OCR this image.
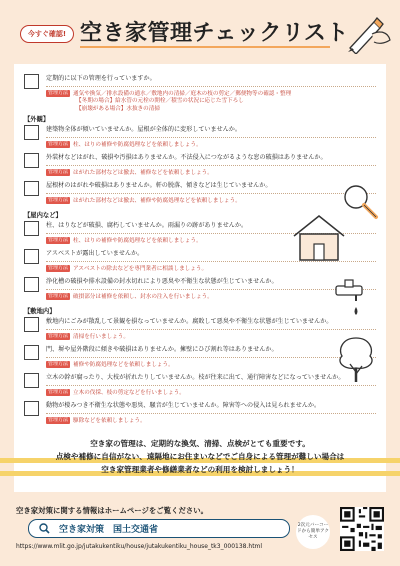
今すぐ確認! 空き家管理チェックリスト
定期的に以下の管理を行っていますか。
管理方法 通気や換気／排水設備の通水／敷地内の清掃／庭木の枝の剪定／郵便物等の確認・整理
【冬期の場合】給水管の元栓の開栓／積雪の状況に応じた雪下ろし
【崩壊がある場合】水抜きの清掃
【外観】
建築物全体が傾いていませんか。屋根が全体的に変形していませんか。
管理方法 柱、はりの補修や防腐処理などを依頼しましょう。
外装材などはがれ、破損や汚損はありませんか。不法侵入につながるような窓の破損はありませんか。
管理方法 はがれた部材などは撤去、補修などを依頼しましょう。
屋根材のはがれや破損はありませんか。軒の脱落、傾きなどは生じていませんか。
管理方法 はがれた部材などは撤去、補修や防腐処理などを依頼しましょう。
【屋内など】
柱、はりなどが破損、腐朽していませんか。雨漏りの跡がありませんか。
管理方法 柱、はりの補修や防腐処理などを依頼しましょう。
アスベストが露出していませんか。
管理方法 アスベストの除去などを専門業者に相談しましょう。
浄化槽の破損や排水設備の封水切れにより悪臭や不衛生な状態が生じていませんか。
管理方法 破損部分は補修を依頼し、封水の注入を行いましょう。
【敷地内】
敷地内にごみが散乱して景観を損なっていませんか。腐敗して悪臭や不衛生な状態が生じていませんか。
管理方法 清掃を行いましょう。
門、塀や屋外階段に傾きや破損はありませんか。擁壁にひび割れ等はありませんか。
管理方法 補修や防腐処理などを依頼しましょう。
立木の幹が腐ったり、大枝が折れたりしていませんか。枝が往来に出て、通行障害などになっていませんか。
管理方法 立木の伐採、枝の剪定などを行いましょう。
動物が棲みつき不衛生な状態や悪臭、騒音が生じていませんか。障害等への侵入は見られませんか。
管理方法 駆除などを依頼しましょう。
空き家の管理は、定期的な換気、清掃、点検がとても重要です。
点検や補修に自信がない、遠隔地にお住まいなどでご自身による管理が難しい場合は
空き家管理業者や修繕業者などの利用を検討しましょう！
空き家対策に関する情報はホームページをご覧ください。
空き家対策　国土交通省
https://www.mlit.go.jp/jutakukentiku/house/jutakukentiku_house_tk3_000138.html
2次元バーコードから簡単アクセス
